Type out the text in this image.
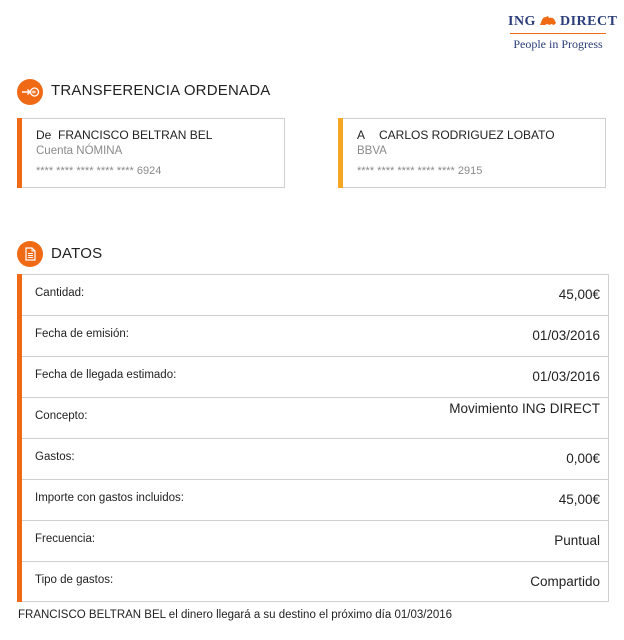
ING DIRECT
People in Progress
TRANSFERENCIA ORDENADA
De FRANCISCO BELTRAN BEL
Cuenta NÓMINA
**** **** **** **** **** 6924
A CARLOS RODRIGUEZ LOBATO
BBVA
**** **** **** **** **** 2915
DATOS
Cantidad:	45,00€
Fecha de emisión:	01/03/2016
Fecha de llegada estimado:	01/03/2016
Concepto:	Movimiento ING DIRECT
Gastos:	0,00€
Importe con gastos incluidos:	45,00€
Frecuencia:	Puntual
Tipo de gastos:	Compartido
FRANCISCO BELTRAN BEL el dinero llegará a su destino el próximo día 01/03/2016
